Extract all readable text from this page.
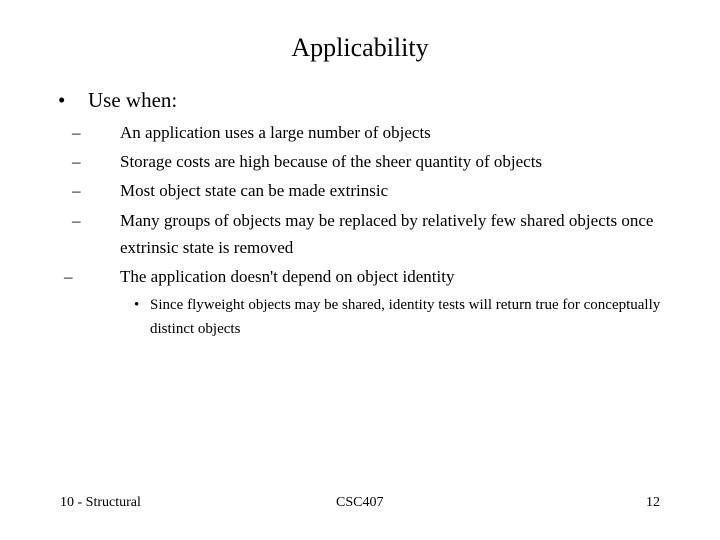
Applicability
• Use when:
– An application uses a large number of objects
– Storage costs are high because of the sheer quantity of objects
– Most object state can be made extrinsic
– Many groups of objects may be replaced by relatively few shared objects once extrinsic state is removed
–	The application doesn't depend on object identity
• Since flyweight objects may be shared, identity tests will return true for conceptually distinct objects
10 - Structural	CSC407	12
